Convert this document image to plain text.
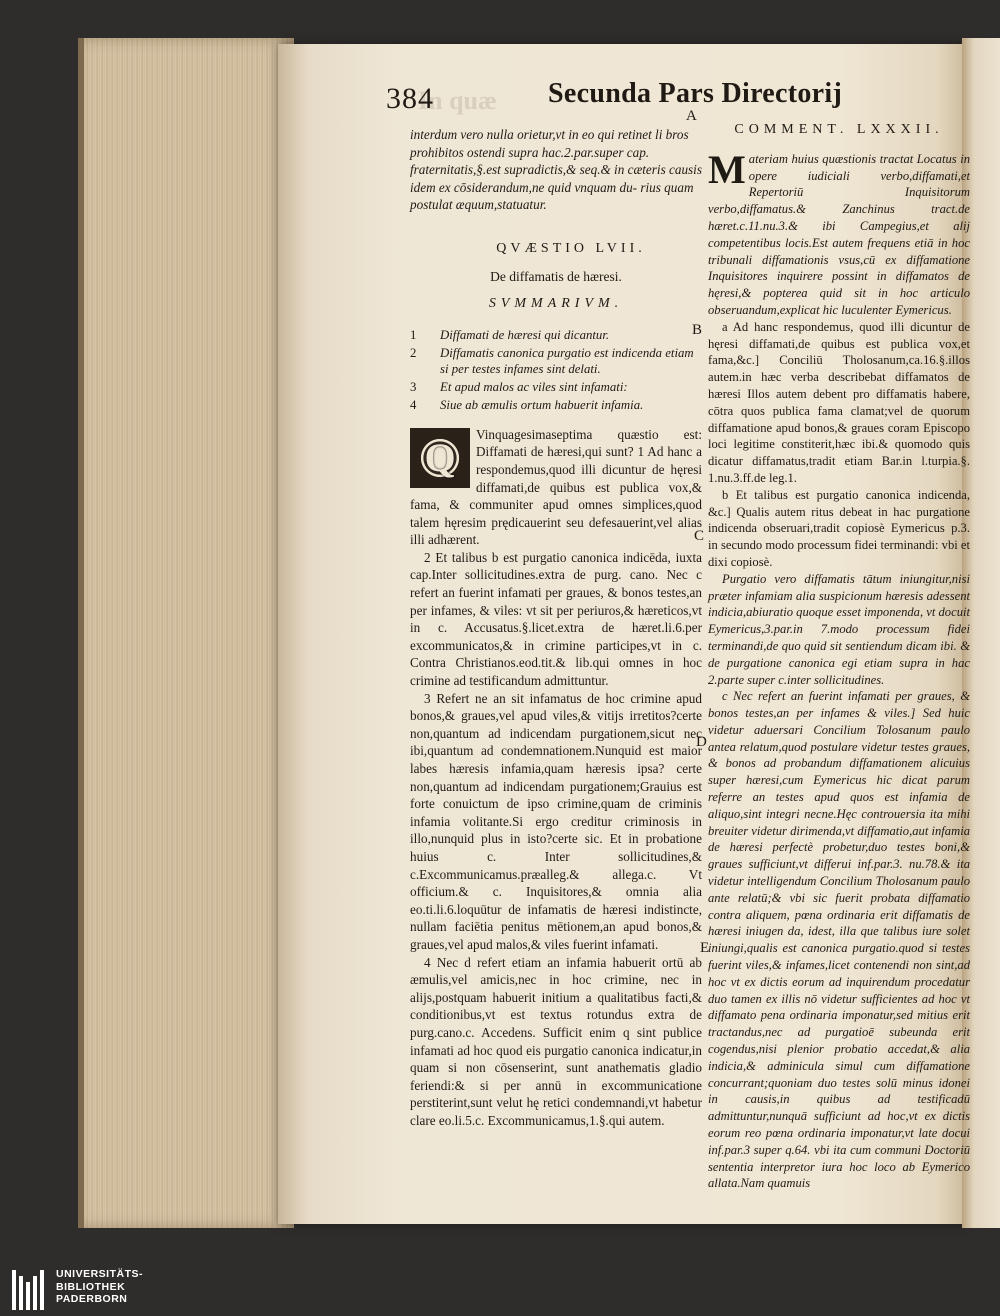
In quæ
384	Secunda Pars Directorij
A
B
C
D
E

interdum vero nulla orietur,vt in eo qui retinet li bros prohibitos ostendi supra hac.2.par.super cap. fraternitatis,§.est supradictis,& seq.& in cæteris causis idem ex cōsiderandum,ne quid vnquam du- rius quam postulat æquum,statuatur.

QVÆSTIO LVII.
De diffamatis de hæresi.
SVMMARIVM.
1 Diffamati de hæresi qui dicantur.
2 Diffamatis canonica purgatio est indicenda etiam si per testes infames sint delati.
3 Et apud malos ac viles sint infamati:
4 Siue ab æmulis ortum habuerit infamia.
Q

Vinquagesimaseptima quæstio est: Diffamati de hæresi,qui sunt? 1 Ad hanc a respondemus,quod illi dicuntur de hęresi diffamati,de quibus est publica vox,& fama, & communiter apud omnes simplices,quod talem hęresim prędicauerint seu defesauerint,vel alias illi adhærent.

2 Et talibus b est purgatio canonica indicēda, iuxta cap.Inter sollicitudines.extra de purg. cano. Nec c refert an fuerint infamati per graues, & bonos testes,an per infames, & viles: vt sit per periuros,& hæreticos,vt in c. Accusatus.§.licet.extra de hæret.li.6.per excommunicatos,& in crimine participes,vt in c. Contra Christianos.eod.tit.& lib.qui omnes in hoc crimine ad testificandum admittuntur.

3 Refert ne an sit infamatus de hoc crimine apud bonos,& graues,vel apud viles,& vitijs irretitos?certe non,quantum ad indicendam purgationem,sicut nec ibi,quantum ad condemnationem.Nunquid est maior labes hæresis infamia,quam hæresis ipsa? certe non,quantum ad indicendam purgationem;Grauius est forte conuictum de ipso crimine,quam de criminis infamia volitante.Si ergo creditur criminosis in illo,nunquid plus in isto?certe sic. Et in probatione huius c. Inter sollicitudines,& c.Excommunicamus.præalleg.& allega.c. Vt officium.& c. Inquisitores,& omnia alia eo.ti.li.6.loquūtur de infamatis de hæresi indistincte, nullam faciētia penitus mētionem,an apud bonos,& graues,vel apud malos,& viles fuerint infamati.

4 Nec d refert etiam an infamia habuerit ortū ab æmulis,vel amicis,nec in hoc crimine, nec in alijs,postquam habuerit initium a qualitatibus facti,& conditionibus,vt est textus rotundus extra de purg.cano.c. Accedens. Sufficit enim q sint publice infamati ad hoc quod eis purgatio canonica indicatur,in quam si non cōsenserint, sunt anathematis gladio feriendi:& si per annū in excommunicatione perstiterint,sunt velut hę retici condemnandi,vt habetur clare eo.li.5.c. Excommunicamus,1.§.qui autem.

COMMENT. LXXXII.
M ateriam huius quæstionis tractat Locatus in opere iudiciali verbo,diffamati,et Repertoriū Inquisitorum verbo,diffamatus.& Zanchinus tract.de hæret.c.11.nu.3.& ibi Campegius,et alij competentibus locis.Est autem frequens etiā in hoc tribunali diffamationis vsus,cū ex diffamatione Inquisitores inquirere possint in diffamatos de hęresi,& popterea quid sit in hoc articulo obseruandum,explicat hic luculenter Eymericus.

a Ad hanc respondemus, quod illi dicuntur de hęresi diffamati,de quibus est publica vox,et fama,&c.] Conciliū Tholosanum,ca.16.§.illos autem.in hæc verba describebat diffamatos de hæresi Illos autem debent pro diffamatis habere, cōtra quos publica fama clamat;vel de quorum diffamatione apud bonos,& graues coram Episcopo loci legitime constiterit,hæc ibi.& quomodo quis dicatur diffamatus,tradit etiam Bar.in l.turpia.§. 1.nu.3.ff.de leg.1.

b Et talibus est purgatio canonica indicenda, &c.] Qualis autem ritus debeat in hac purgatione indicenda obseruari,tradit copiosè Eymericus p.3. in secundo modo processum fidei terminandi: vbi et dixi copiosè.

Purgatio vero diffamatis tātum iniungitur,nisi præter infamiam alia suspicionum hæresis adessent indicia,abiuratio quoque esset imponenda, vt docuit Eymericus,3.par.in 7.modo processum fidei terminandi,de quo quid sit sentiendum dicam ibi. & de purgatione canonica egi etiam supra in hac 2.parte super c.inter sollicitudines.

c Nec refert an fuerint infamati per graues, & bonos testes,an per infames & viles.] Sed huic videtur aduersari Concilium Tolosanum paulo antea relatum,quod postulare videtur testes graues, & bonos ad probandum diffamationem alicuius super hæresi,cum Eymericus hic dicat parum referre an testes apud quos est infamia de aliquo,sint integri necne.Hęc controuersia ita mihi breuiter videtur dirimenda,vt diffamatio,aut infamia de hæresi perfectè probetur,duo testes boni,& graues sufficiunt,vt differui inf.par.3. nu.78.& ita videtur intelligendum Concilium Tholosanum paulo ante relatū;& vbi sic fuerit probata diffamatio contra aliquem, pœna ordinaria erit diffamatis de hæresi iniugen da, idest, illa que talibus iure solet iniungi,qualis est canonica purgatio.quod si testes fuerint viles,& infames,licet contenendi non sint,ad hoc vt ex dictis eorum ad inquirendum procedatur duo tamen ex illis nō videtur sufficientes ad hoc vt diffamato pena ordinaria imponatur,sed mitius erit tractandus,nec ad purgatioē subeunda erit cogendus,nisi plenior probatio accedat,& alia indicia,& adminicula simul cum diffamatione concurrant;quoniam duo testes solū minus idonei in causis,in quibus ad testificadū admittuntur,nunquā sufficiunt ad hoc,vt ex dictis eorum reo pœna ordinaria imponatur,vt late docui inf.par.3 super q.64. vbi ita cum communi Doctoriū sententia interpretor iura hoc loco ab Eymerico allata.Nam quamuis

UNIVERSITÄTS-
BIBLIOTHEK
PADERBORN
